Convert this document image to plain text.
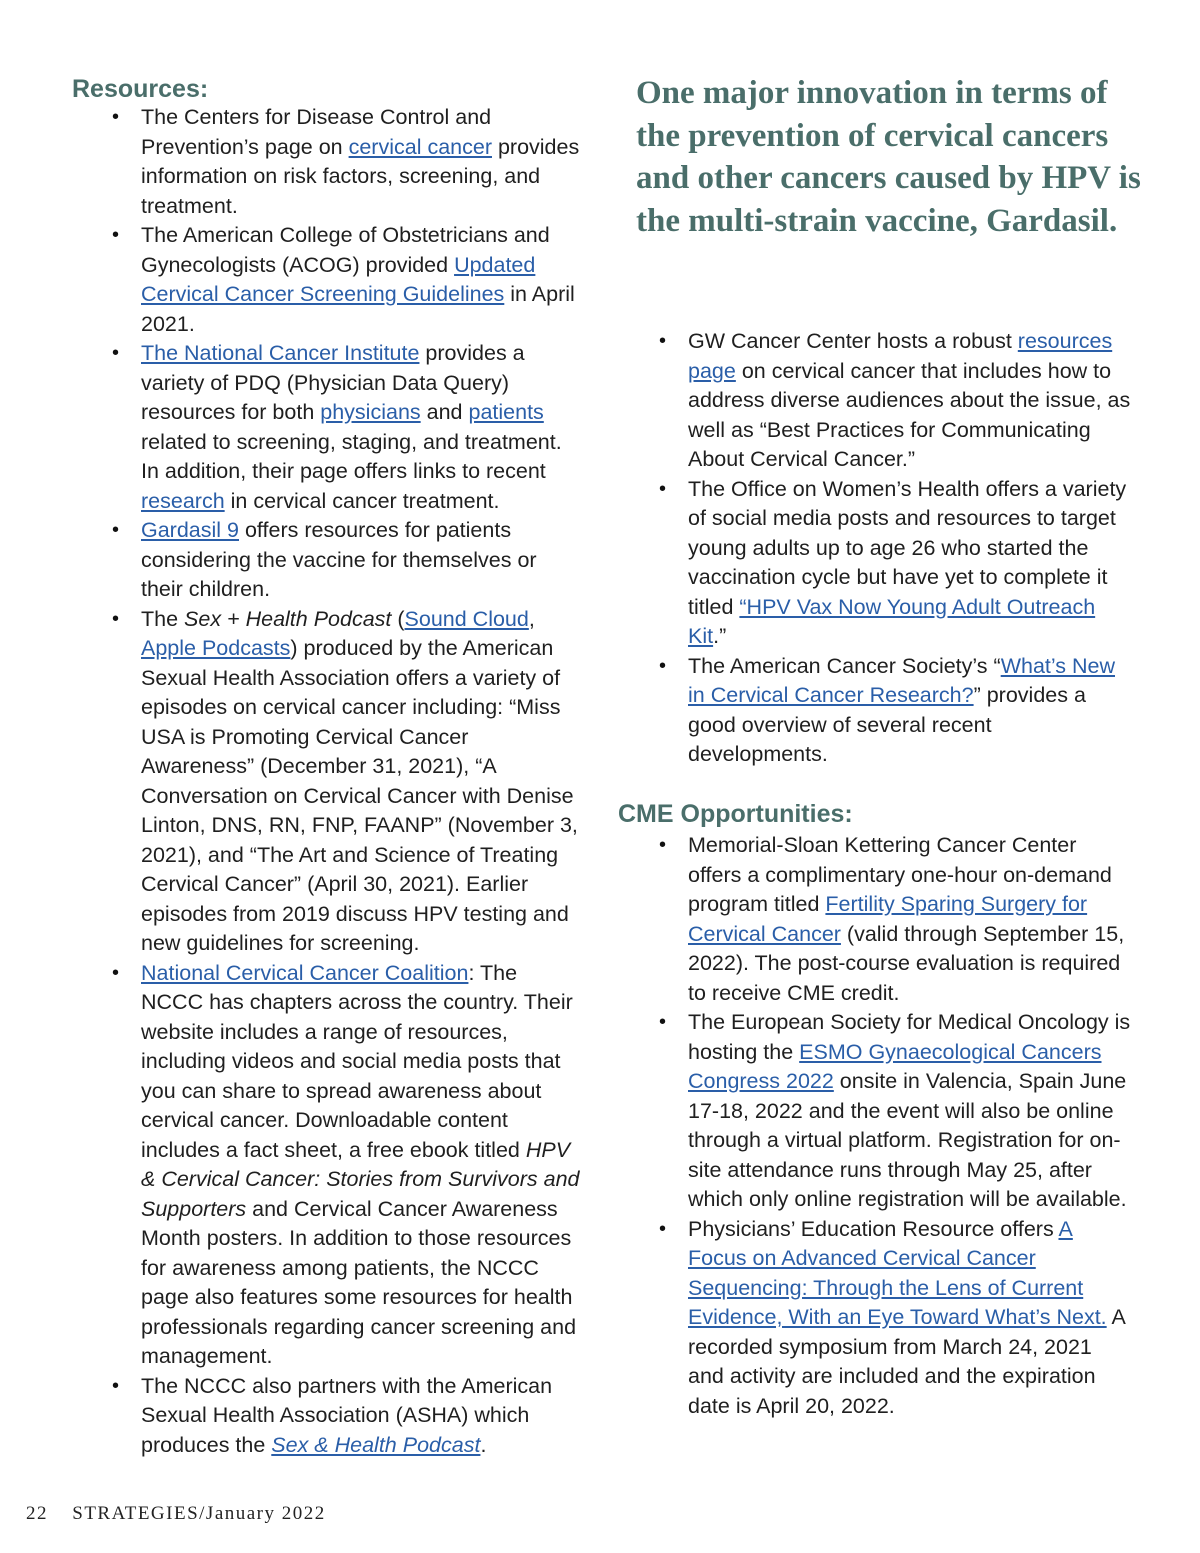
Resources:
• The Centers for Disease Control and Prevention’s page on cervical cancer provides information on risk factors, screening, and treatment.
• The American College of Obstetricians and Gynecologists (ACOG) provided Updated Cervical Cancer Screening Guidelines in April 2021.
• The National Cancer Institute provides a variety of PDQ (Physician Data Query) resources for both physicians and patients related to screening, staging, and treatment. In addition, their page offers links to recent research in cervical cancer treatment.
• Gardasil 9 offers resources for patients considering the vaccine for themselves or their children.
• The Sex + Health Podcast (Sound Cloud, Apple Podcasts) produced by the American Sexual Health Association offers a variety of episodes on cervical cancer including: “Miss USA is Promoting Cervical Cancer Awareness” (December 31, 2021), “A Conversation on Cervical Cancer with Denise Linton, DNS, RN, FNP, FAANP” (November 3, 2021), and “The Art and Science of Treating Cervical Cancer” (April 30, 2021). Earlier episodes from 2019 discuss HPV testing and new guidelines for screening.
• National Cervical Cancer Coalition: The NCCC has chapters across the country. Their website includes a range of resources, including videos and social media posts that you can share to spread awareness about cervical cancer. Downloadable content includes a fact sheet, a free ebook titled HPV & Cervical Cancer: Stories from Survivors and Supporters and Cervical Cancer Awareness Month posters. In addition to those resources for awareness among patients, the NCCC page also features some resources for health professionals regarding cancer screening and management.
• The NCCC also partners with the American Sexual Health Association (ASHA) which produces the Sex & Health Podcast.

One major innovation in terms of the prevention of cervical cancers and other cancers caused by HPV is the multi-strain vaccine, Gardasil.

• GW Cancer Center hosts a robust resources page on cervical cancer that includes how to address diverse audiences about the issue, as well as “Best Practices for Communicating About Cervical Cancer.”
• The Office on Women’s Health offers a variety of social media posts and resources to target young adults up to age 26 who started the vaccination cycle but have yet to complete it titled “HPV Vax Now Young Adult Outreach Kit.”
• The American Cancer Society’s “What’s New in Cervical Cancer Research?” provides a good overview of several recent developments.
CME Opportunities:
• Memorial-Sloan Kettering Cancer Center offers a complimentary one-hour on-demand program titled Fertility Sparing Surgery for Cervical Cancer (valid through September 15, 2022). The post-course evaluation is required to receive CME credit.
• The European Society for Medical Oncology is hosting the ESMO Gynaecological Cancers Congress 2022 onsite in Valencia, Spain June 17-18, 2022 and the event will also be online through a virtual platform. Registration for on-site attendance runs through May 25, after which only online registration will be available.
• Physicians’ Education Resource offers A Focus on Advanced Cervical Cancer Sequencing: Through the Lens of Current Evidence, With an Eye Toward What’s Next. A recorded symposium from March 24, 2021 and activity are included and the expiration date is April 20, 2022.
22 STRATEGIES/January 2022
